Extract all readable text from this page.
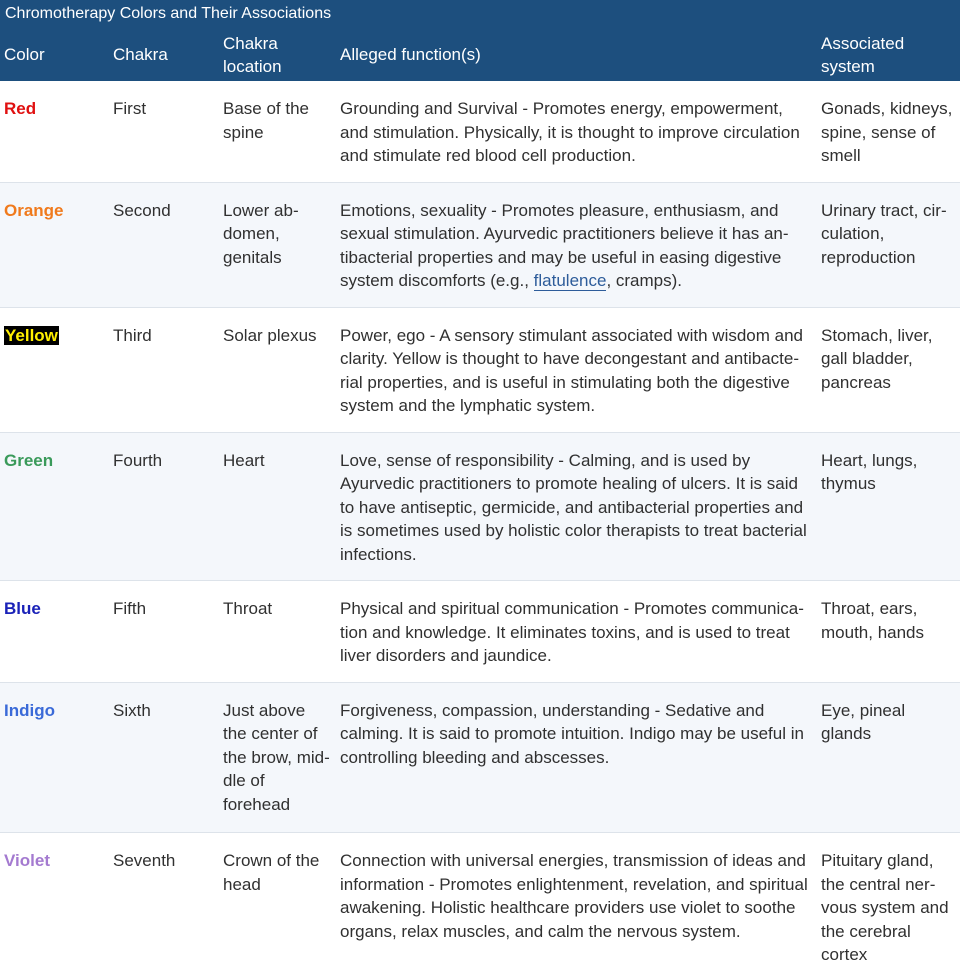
Chromotherapy Colors and Their Associations
Color	Chakra	Chakra location	Alleged function(s)	Associated system
Red	First	Base of the spine	Grounding and Survival - Promotes energy, empowerment, and stimulation. Physically, it is thought to improve circulation and stimulate red blood cell production.	Gonads, kidneys, spine, sense of smell
Orange	Second	Lower abdomen, genitals	Emotions, sexuality - Promotes pleasure, enthusiasm, and sexual stimulation. Ayurvedic practitioners believe it has antibacterial properties and may be useful in easing digestive system discomforts (e.g., flatulence, cramps).	Urinary tract, circulation, reproduction
Yellow	Third	Solar plexus	Power, ego - A sensory stimulant associated with wisdom and clarity. Yellow is thought to have decongestant and antibacterial properties, and is useful in stimulating both the digestive system and the lymphatic system.	Stomach, liver, gall bladder, pancreas
Green	Fourth	Heart	Love, sense of responsibility - Calming, and is used by Ayurvedic practitioners to promote healing of ulcers. It is said to have antiseptic, germicide, and antibacterial properties and is sometimes used by holistic color therapists to treat bacterial infections.	Heart, lungs, thymus
Blue	Fifth	Throat	Physical and spiritual communication - Promotes communication and knowledge. It eliminates toxins, and is used to treat liver disorders and jaundice.	Throat, ears, mouth, hands
Indigo	Sixth	Just above the center of the brow, middle of forehead	Forgiveness, compassion, understanding - Sedative and calming. It is said to promote intuition. Indigo may be useful in controlling bleeding and abscesses.	Eye, pineal glands
Violet	Seventh	Crown of the head	Connection with universal energies, transmission of ideas and information - Promotes enlightenment, revelation, and spiritual awakening. Holistic healthcare providers use violet to soothe organs, relax muscles, and calm the nervous system.	Pituitary gland, the central nervous system and the cerebral cortex
